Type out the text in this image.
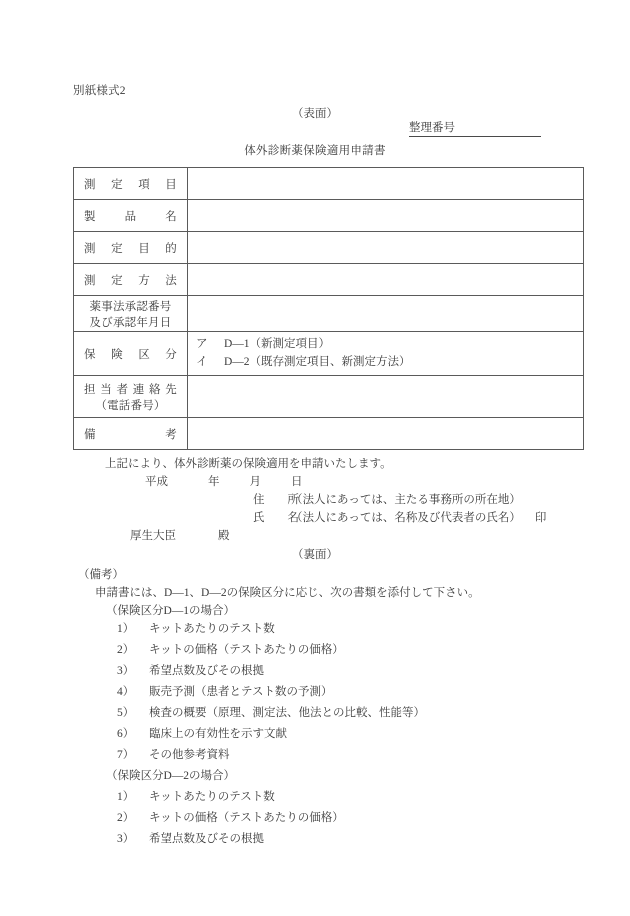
別紙様式2
（表面）
整理番号
体外診断薬保険適用申請書
測定項目	

製品名	

測定目的	

測定方法	

薬事法承認番号
及び承認年月日	

保険区分	ア D—1（新測定項目）
イ D—2（既存測定項目、新測定方法）

担当者連絡先
（電話番号）	

備考	

上記により、体外診断薬の保険適用を申請いたします。
平成	年	月	日
住　　所（法人にあっては、主たる事務所の所在地）
氏　　名（法人にあっては、名称及び代表者の氏名） 印
厚生大臣	殿
（裏面）
（備考）
申請書には、D—1、D—2の保険区分に応じ、次の書類を添付して下さい。
（保険区分D—1の場合）
1） キットあたりのテスト数
2） キットの価格（テストあたりの価格）
3） 希望点数及びその根拠
4） 販売予測（患者とテスト数の予測）
5） 検査の概要（原理、測定法、他法との比較、性能等）
6） 臨床上の有効性を示す文献
7） その他参考資料
（保険区分D—2の場合）
1） キットあたりのテスト数
2） キットの価格（テストあたりの価格）
3） 希望点数及びその根拠
